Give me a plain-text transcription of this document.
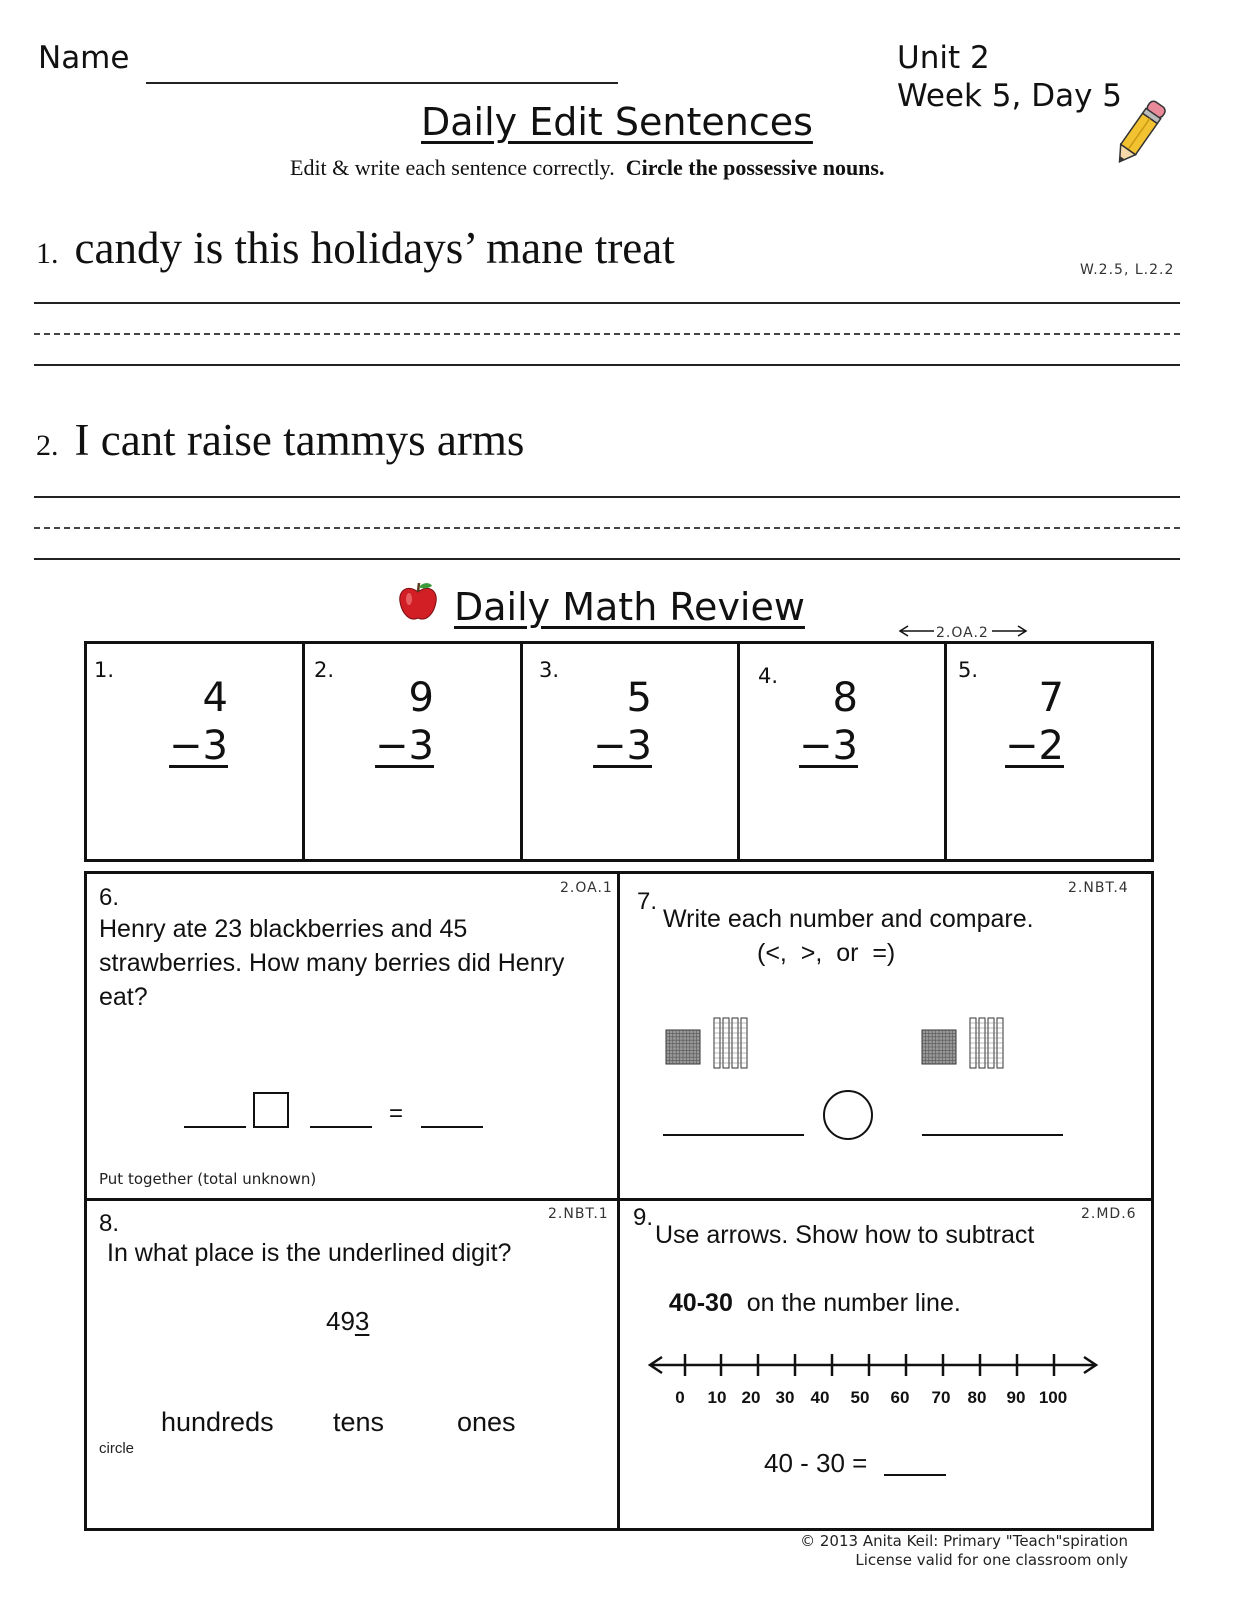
Name	Unit 2
Week 5, Day 5
Daily Edit Sentences
Edit & write each sentence correctly. Circle the possessive nouns.
1. candy is this holidays’ mane treat	W.2.5, L.2.2
2. I cant raise tammys arms
Daily Math Review
2.OA.2
1.
4
−3
2.
9
−3
3.
5
−3
4.	8
−3
5.
7
−2
6.	2.OA.1
Henry ate 23 blackberries and 45 strawberries. How many berries did Henry eat?
=
Put together (total unknown)
7.	2.NBT.4
Write each number and compare.
(<,  >,  or  =)
8.	2.NBT.1
In what place is the underlined digit?
493
hundreds tens	ones
circle
9.	2.MD.6
Use arrows. Show how to subtract

40-30 on the number line.

0	10 20 30 40	50	60	70	80	90 100
40 - 30 =
© 2013 Anita Keil: Primary "Teach"spiration
License valid for one classroom only
